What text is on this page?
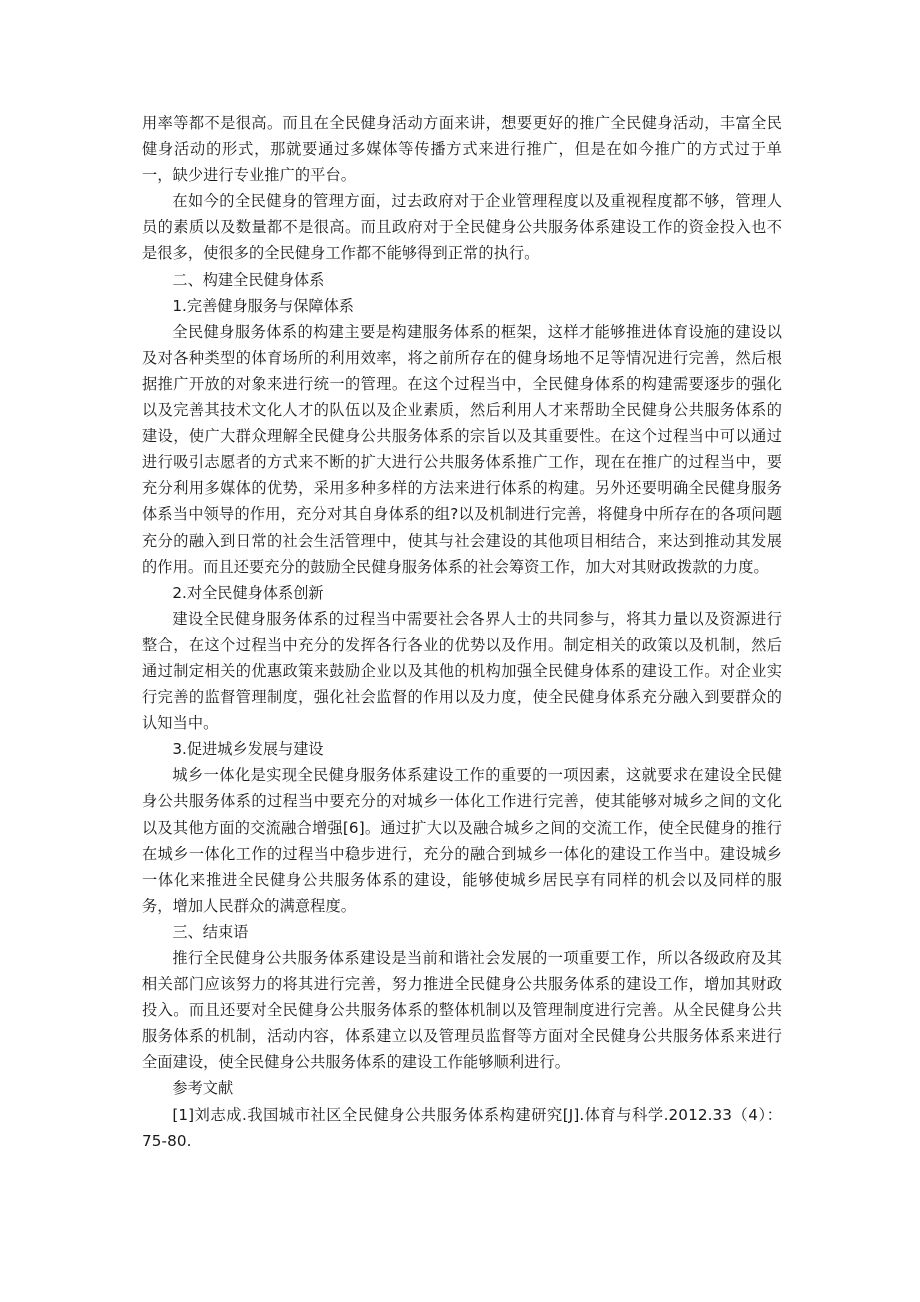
用率等都不是很高。而且在全民健身活动方面来讲，想要更好的推广全民健身活动，丰富全民健身活动的形式，那就要通过多媒体等传播方式来进行推广，但是在如今推广的方式过于单一，缺少进行专业推广的平台。

在如今的全民健身的管理方面，过去政府对于企业管理程度以及重视程度都不够，管理人员的素质以及数量都不是很高。而且政府对于全民健身公共服务体系建设工作的资金投入也不是很多，使很多的全民健身工作都不能够得到正常的执行。

二、构建全民健身体系

1.完善健身服务与保障体系

全民健身服务体系的构建主要是构建服务体系的框架，这样才能够推进体育设施的建设以及对各种类型的体育场所的利用效率，将之前所存在的健身场地不足等情况进行完善，然后根据推广开放的对象来进行统一的管理。在这个过程当中，全民健身体系的构建需要逐步的强化以及完善其技术文化人才的队伍以及企业素质，然后利用人才来帮助全民健身公共服务体系的建设，使广大群众理解全民健身公共服务体系的宗旨以及其重要性。在这个过程当中可以通过进行吸引志愿者的方式来不断的扩大进行公共服务体系推广工作，现在在推广的过程当中，要充分利用多媒体的优势，采用多种多样的方法来进行体系的构建。另外还要明确全民健身服务体系当中领导的作用，充分对其自身体系的组?以及机制进行完善，将健身中所存在的各项问题充分的融入到日常的社会生活管理中，使其与社会建设的其他项目相结合，来达到推动其发展的作用。而且还要充分的鼓励全民健身服务体系的社会筹资工作，加大对其财政拨款的力度。

2.对全民健身体系创新

建设全民健身服务体系的过程当中需要社会各界人士的共同参与，将其力量以及资源进行整合，在这个过程当中充分的发挥各行各业的优势以及作用。制定相关的政策以及机制，然后通过制定相关的优惠政策来鼓励企业以及其他的机构加强全民健身体系的建设工作。对企业实行完善的监督管理制度，强化社会监督的作用以及力度，使全民健身体系充分融入到要群众的认知当中。

3.促进城乡发展与建设

城乡一体化是实现全民健身服务体系建设工作的重要的一项因素，这就要求在建设全民健身公共服务体系的过程当中要充分的对城乡一体化工作进行完善，使其能够对城乡之间的文化以及其他方面的交流融合增强[6]。通过扩大以及融合城乡之间的交流工作，使全民健身的推行在城乡一体化工作的过程当中稳步进行，充分的融合到城乡一体化的建设工作当中。建设城乡一体化来推进全民健身公共服务体系的建设，能够使城乡居民享有同样的机会以及同样的服务，增加人民群众的满意程度。

三、结束语

推行全民健身公共服务体系建设是当前和谐社会发展的一项重要工作，所以各级政府及其相关部门应该努力的将其进行完善，努力推进全民健身公共服务体系的建设工作，增加其财政投入。而且还要对全民健身公共服务体系的整体机制以及管理制度进行完善。从全民健身公共服务体系的机制，活动内容，体系建立以及管理员监督等方面对全民健身公共服务体系来进行全面建设，使全民健身公共服务体系的建设工作能够顺利进行。

参考文献

[1]刘志成.我国城市社区全民健身公共服务体系构建研究[J].体育与科学.2012.33（4）：75-80.
